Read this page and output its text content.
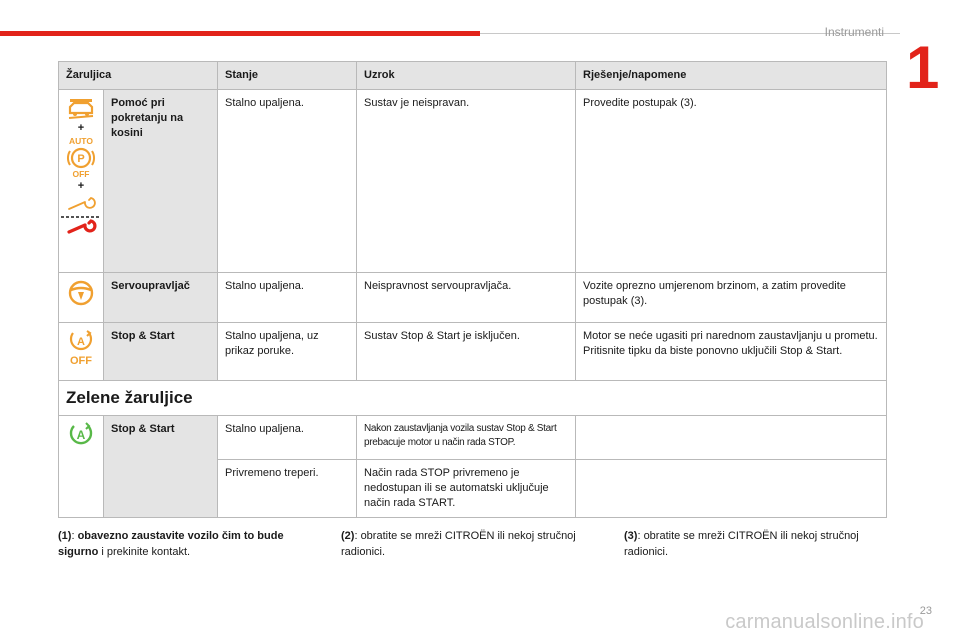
Instrumenti
1
Žaruljica		Stanje	Uzrok	Rješenje/napomene

+
AUTO
P
OFF
+	Pomoć pri pokretanju na kosini	Stalno upaljena.	Sustav je neispravan.	Provedite postupak (3).

	Servoupravljač	Stalno upaljena.	Neispravnost servoupravljača.	Vozite oprezno umjerenom brzinom, a zatim provedite postupak (3).

A
OFF	Stop & Start	Stalno upaljena, uz prikaz poruke.	Sustav Stop & Start je isključen.	Motor se neće ugasiti pri narednom zaustavljanju u prometu.
Pritisnite tipku da biste ponovno uključili Stop & Start.

Zelene žaruljice				

A	Stop & Start	Stalno upaljena.	Nakon zaustavljanja vozila sustav Stop & Start prebacuje motor u način rada STOP.	

		Privremeno treperi.	Način rada STOP privremeno je nedostupan ili se automatski uključuje način rada START.	
(1): obavezno zaustavite vozilo čim to bude sigurno i prekinite kontakt.
(2): obratite se mreži CITROËN ili nekoj stručnoj radionici.
(3): obratite se mreži CITROËN ili nekoj stručnoj radionici.
23
carmanualsonline.info
